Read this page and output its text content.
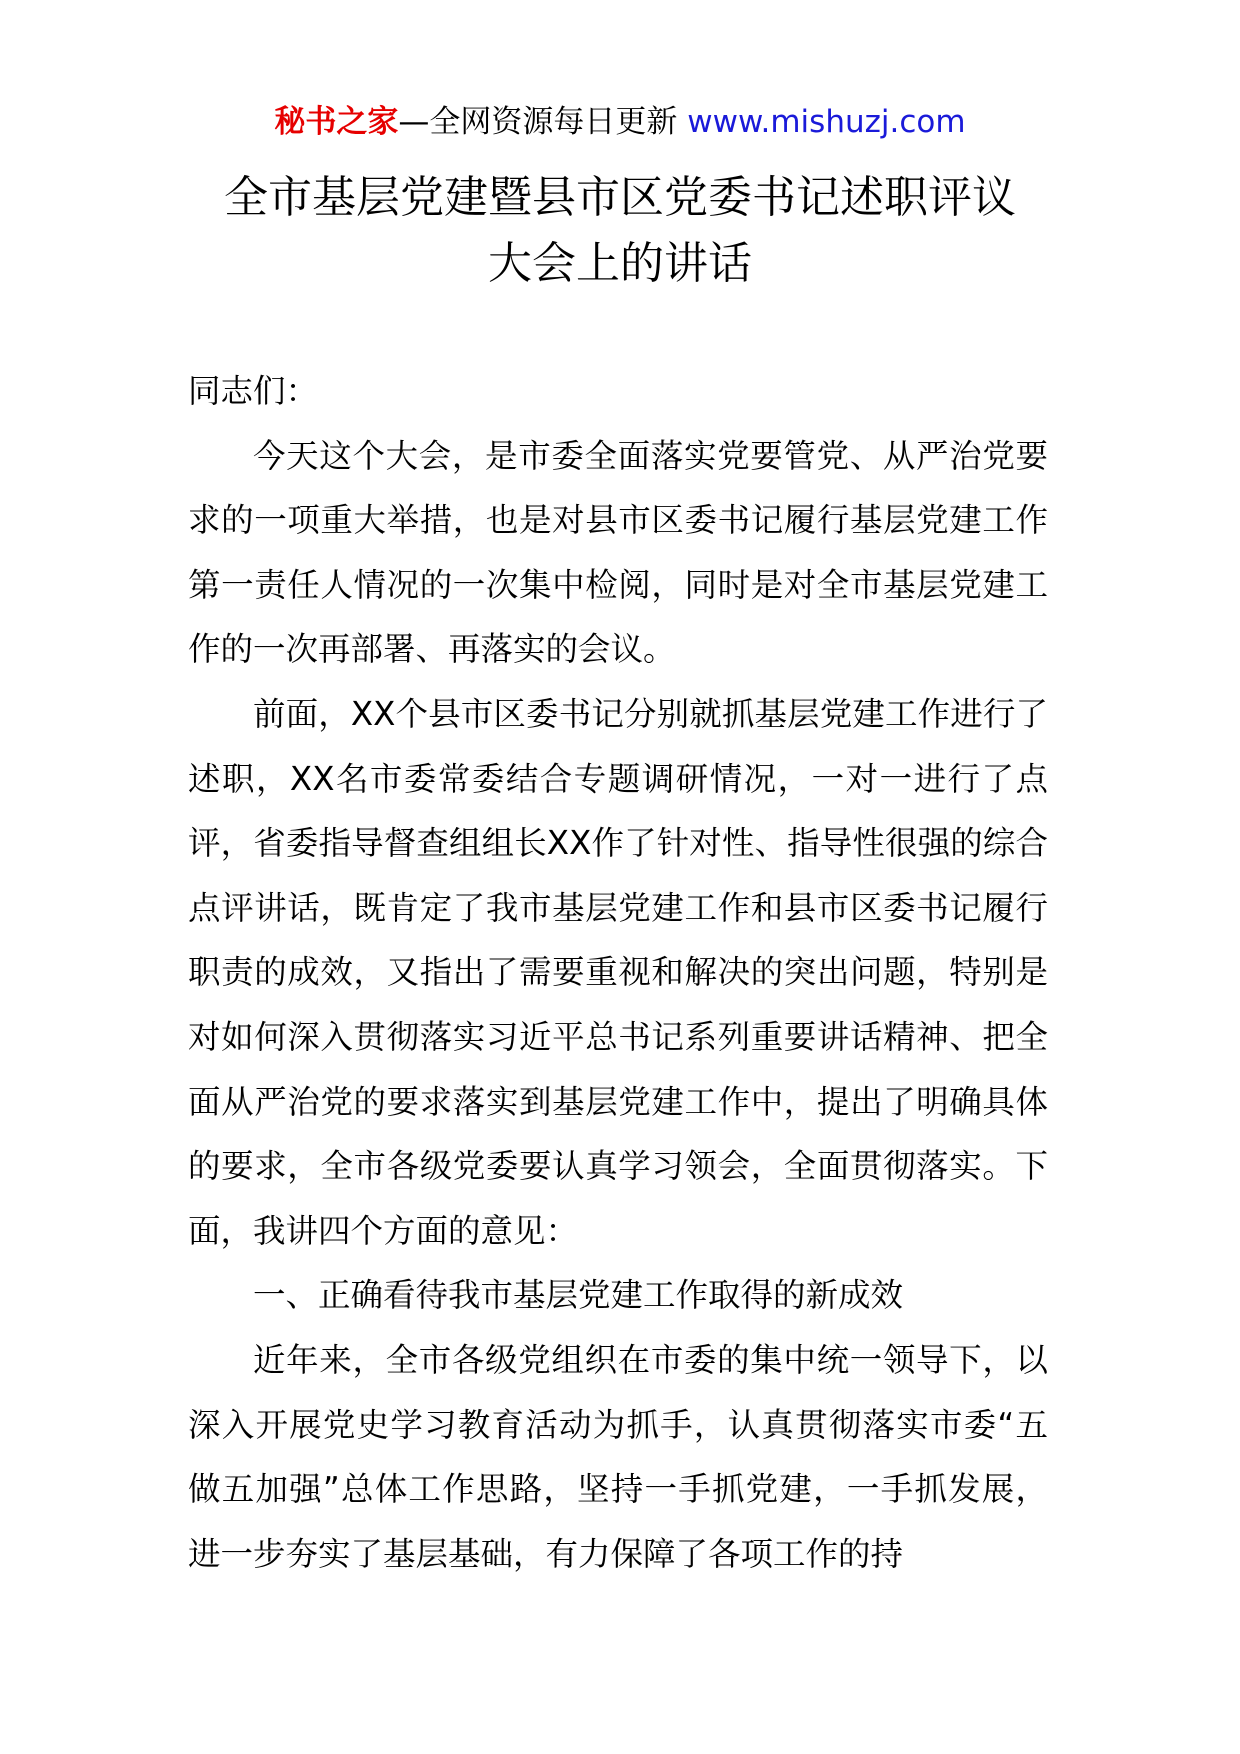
秘书之家—全网资源每日更新 www.mishuzj.com
全市基层党建暨县市区党委书记述职评议
大会上的讲话

同志们：

今天这个大会，是市委全面落实党要管党、从严治党要求的一项重大举措，也是对县市区委书记履行基层党建工作第一责任人情况的一次集中检阅，同时是对全市基层党建工作的一次再部署、再落实的会议。

前面，XX个县市区委书记分别就抓基层党建工作进行了述职，XX名市委常委结合专题调研情况，一对一进行了点评，省委指导督查组组长XX作了针对性、指导性很强的综合点评讲话，既肯定了我市基层党建工作和县市区委书记履行职责的成效，又指出了需要重视和解决的突出问题，特别是对如何深入贯彻落实习近平总书记系列重要讲话精神、把全面从严治党的要求落实到基层党建工作中，提出了明确具体的要求，全市各级党委要认真学习领会，全面贯彻落实。下面，我讲四个方面的意见：

一、正确看待我市基层党建工作取得的新成效

近年来，全市各级党组织在市委的集中统一领导下，以深入开展党史学习教育活动为抓手，认真贯彻落实市委“五做五加强”总体工作思路，坚持一手抓党建，一手抓发展，进一步夯实了基层基础，有力保障了各项工作的持
